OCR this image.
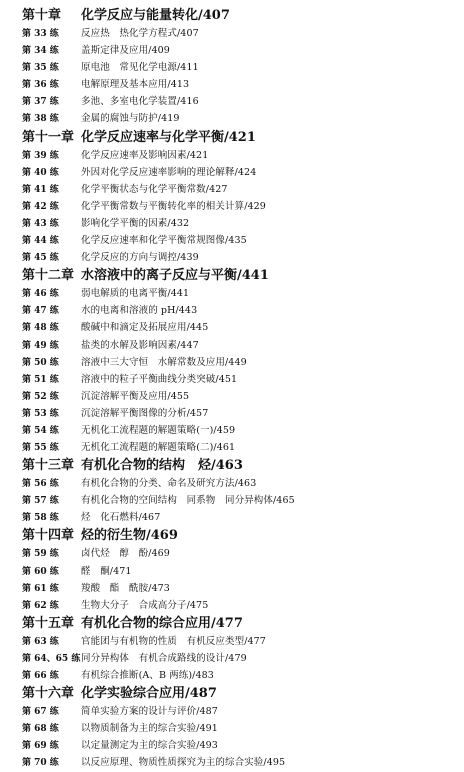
第十章	化学反应与能量转化/407
第 33 练	反应热　热化学方程式/407
第 34 练	盖斯定律及应用/409
第 35 练	原电池　常见化学电源/411
第 36 练	电解原理及基本应用/413
第 37 练	多池、多室电化学装置/416
第 38 练	金属的腐蚀与防护/419
第十一章 化学反应速率与化学平衡/421
第 39 练	化学反应速率及影响因素/421
第 40 练	外因对化学反应速率影响的理论解释/424
第 41 练	化学平衡状态与化学平衡常数/427
第 42 练	化学平衡常数与平衡转化率的相关计算/429
第 43 练	影响化学平衡的因素/432
第 44 练	化学反应速率和化学平衡常规图像/435
第 45 练	化学反应的方向与调控/439
第十二章 水溶液中的离子反应与平衡/441
第 46 练	弱电解质的电离平衡/441
第 47 练	水的电离和溶液的 pH/443
第 48 练	酸碱中和滴定及拓展应用/445
第 49 练	盐类的水解及影响因素/447
第 50 练	溶液中三大守恒　水解常数及应用/449
第 51 练	溶液中的粒子平衡曲线分类突破/451
第 52 练	沉淀溶解平衡及应用/455
第 53 练	沉淀溶解平衡图像的分析/457
第 54 练	无机化工流程题的解题策略(一)/459
第 55 练	无机化工流程题的解题策略(二)/461
第十三章 有机化合物的结构　烃/463
第 56 练	有机化合物的分类、命名及研究方法/463
第 57 练	有机化合物的空间结构　同系物　同分异构体/465
第 58 练	烃　化石燃料/467
第十四章 烃的衍生物/469
第 59 练	卤代烃　醇　酚/469
第 60 练	醛　酮/471
第 61 练	羧酸　酯　酰胺/473
第 62 练	生物大分子　合成高分子/475
第十五章 有机化合物的综合应用/477
第 63 练	官能团与有机物的性质　有机反应类型/477
第 64、65 练 同分异构体　有机合成路线的设计/479
第 66 练	有机综合推断(A、B 两练)/483
第十六章 化学实验综合应用/487
第 67 练	简单实验方案的设计与评价/487
第 68 练	以物质制备为主的综合实验/491
第 69 练	以定量测定为主的综合实验/493
第 70 练	以反应原理、物质性质探究为主的综合实验/495
